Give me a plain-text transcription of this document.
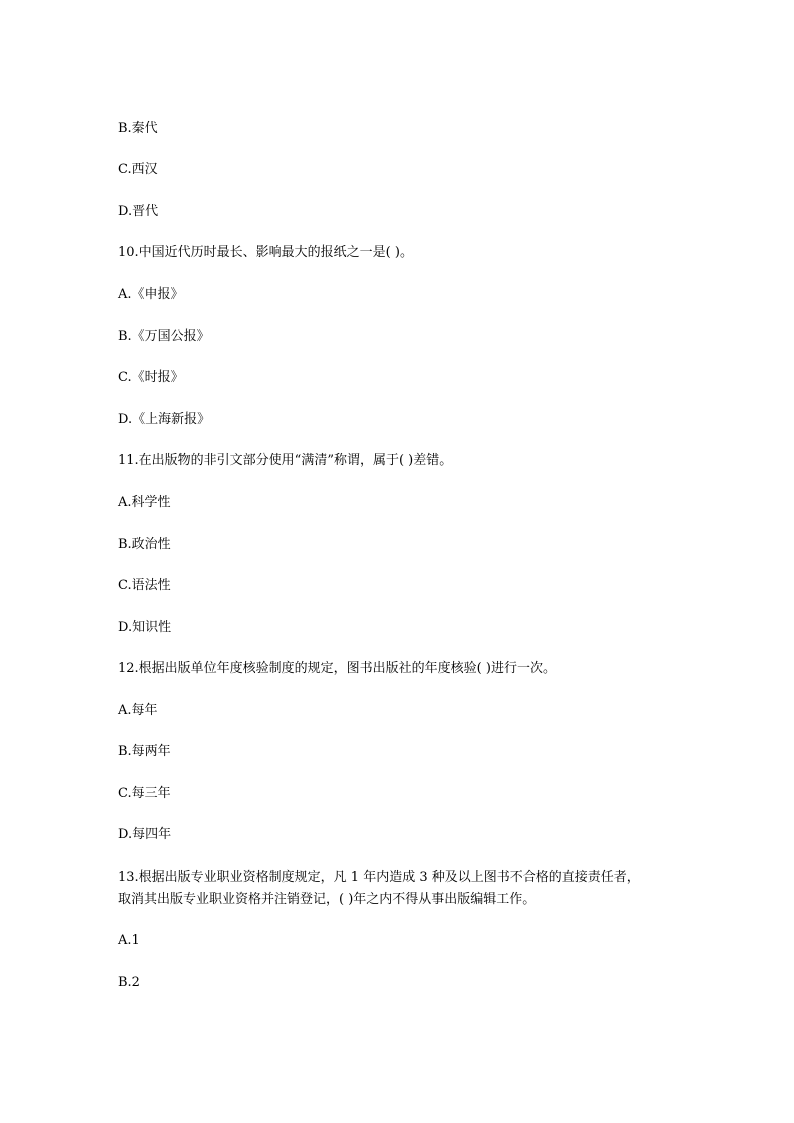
B.秦代

C.西汉

D.晋代

10.中国近代历时最长、影响最大的报纸之一是( )。

A.《申报》

B.《万国公报》

C.《时报》

D.《上海新报》

11.在出版物的非引文部分使用“满清”称谓，属于( )差错。

A.科学性

B.政治性

C.语法性

D.知识性

12.根据出版单位年度核验制度的规定，图书出版社的年度核验( )进行一次。

A.每年

B.每两年

C.每三年

D.每四年

13.根据出版专业职业资格制度规定，凡 1 年内造成 3 种及以上图书不合格的直接责任者，
取消其出版专业职业资格并注销登记，( )年之内不得从事出版编辑工作。

A.1

B.2
